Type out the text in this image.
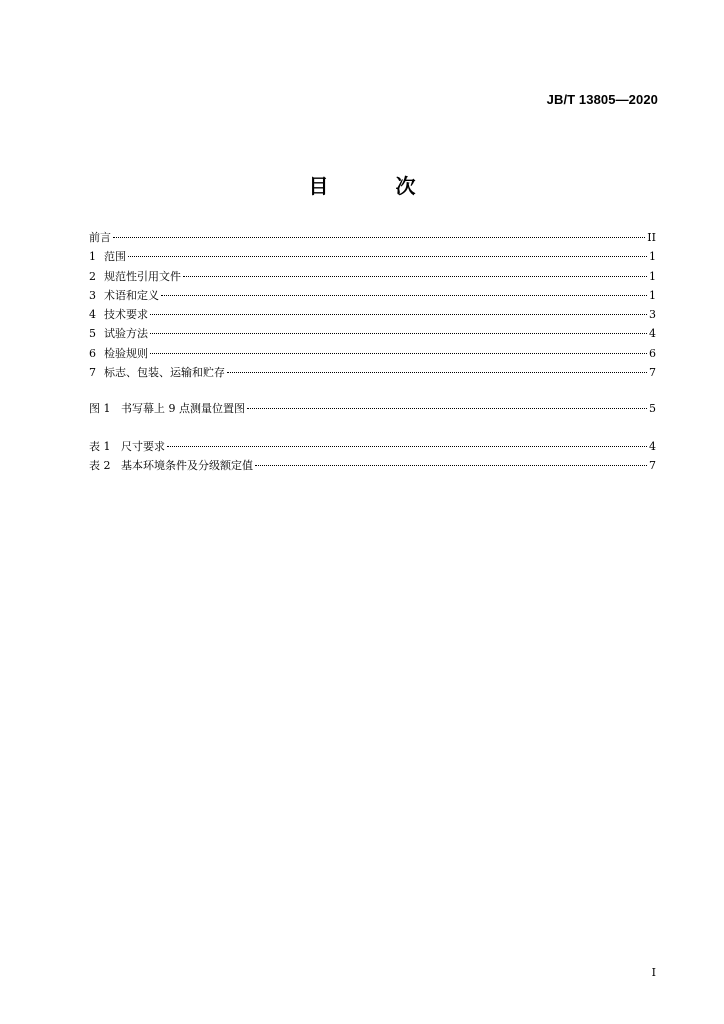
JB/T 13805—2020
目 次
前言	II
1 范围	1
2 规范性引用文件	1
3 术语和定义	1
4 技术要求	3
5 试验方法	4
6 检验规则	6
7 标志、包装、运输和贮存	7
图 1 书写幕上 9 点测量位置图	5
表 1 尺寸要求	4
表 2 基本环境条件及分级额定值	7
I
